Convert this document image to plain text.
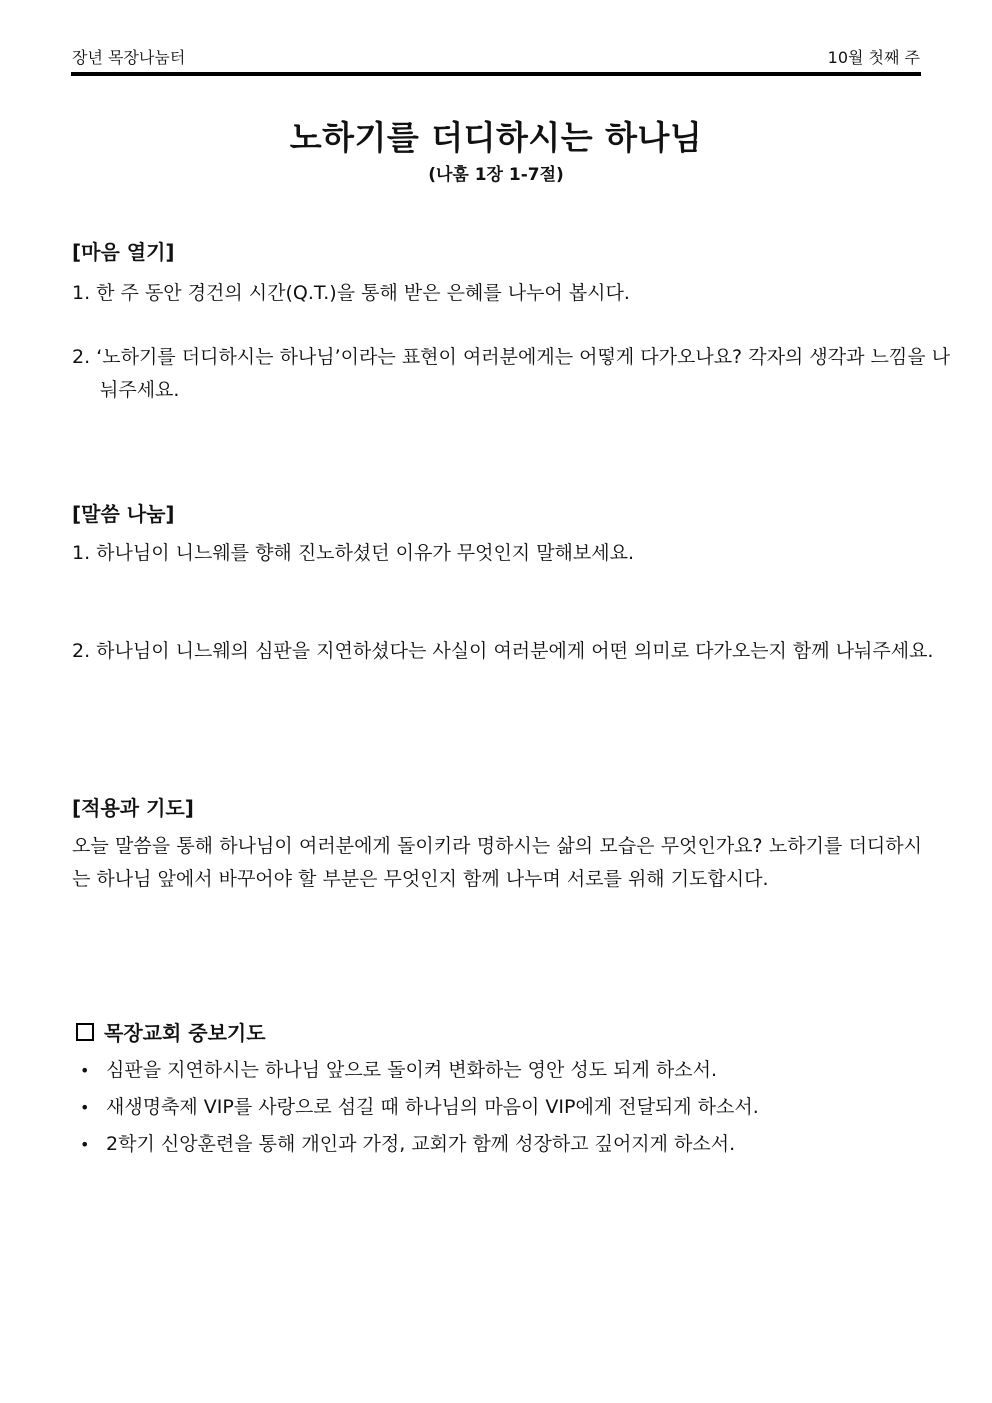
장년 목장나눔터	10월 첫째 주
노하기를 더디하시는 하나님
(나훔 1장 1-7절)
[마음 열기]
1. 한 주 동안 경건의 시간(Q.T.)을 통해 받은 은혜를 나누어 봅시다.
2. ‘노하기를 더디하시는 하나님’이라는 표현이 여러분에게는 어떻게 다가오나요? 각자의 생각과 느낌을 나눠주세요.
[말씀 나눔]
1. 하나님이 니느웨를 향해 진노하셨던 이유가 무엇인지 말해보세요.
2. 하나님이 니느웨의 심판을 지연하셨다는 사실이 여러분에게 어떤 의미로 다가오는지 함께 나눠주세요.
[적용과 기도]
오늘 말씀을 통해 하나님이 여러분에게 돌이키라 명하시는 삶의 모습은 무엇인가요? 노하기를 더디하시는 하나님 앞에서 바꾸어야 할 부분은 무엇인지 함께 나누며 서로를 위해 기도합시다.
목장교회 중보기도
• 심판을 지연하시는 하나님 앞으로 돌이켜 변화하는 영안 성도 되게 하소서.
• 새생명축제 VIP를 사랑으로 섬길 때 하나님의 마음이 VIP에게 전달되게 하소서.
• 2학기 신앙훈련을 통해 개인과 가정, 교회가 함께 성장하고 깊어지게 하소서.
